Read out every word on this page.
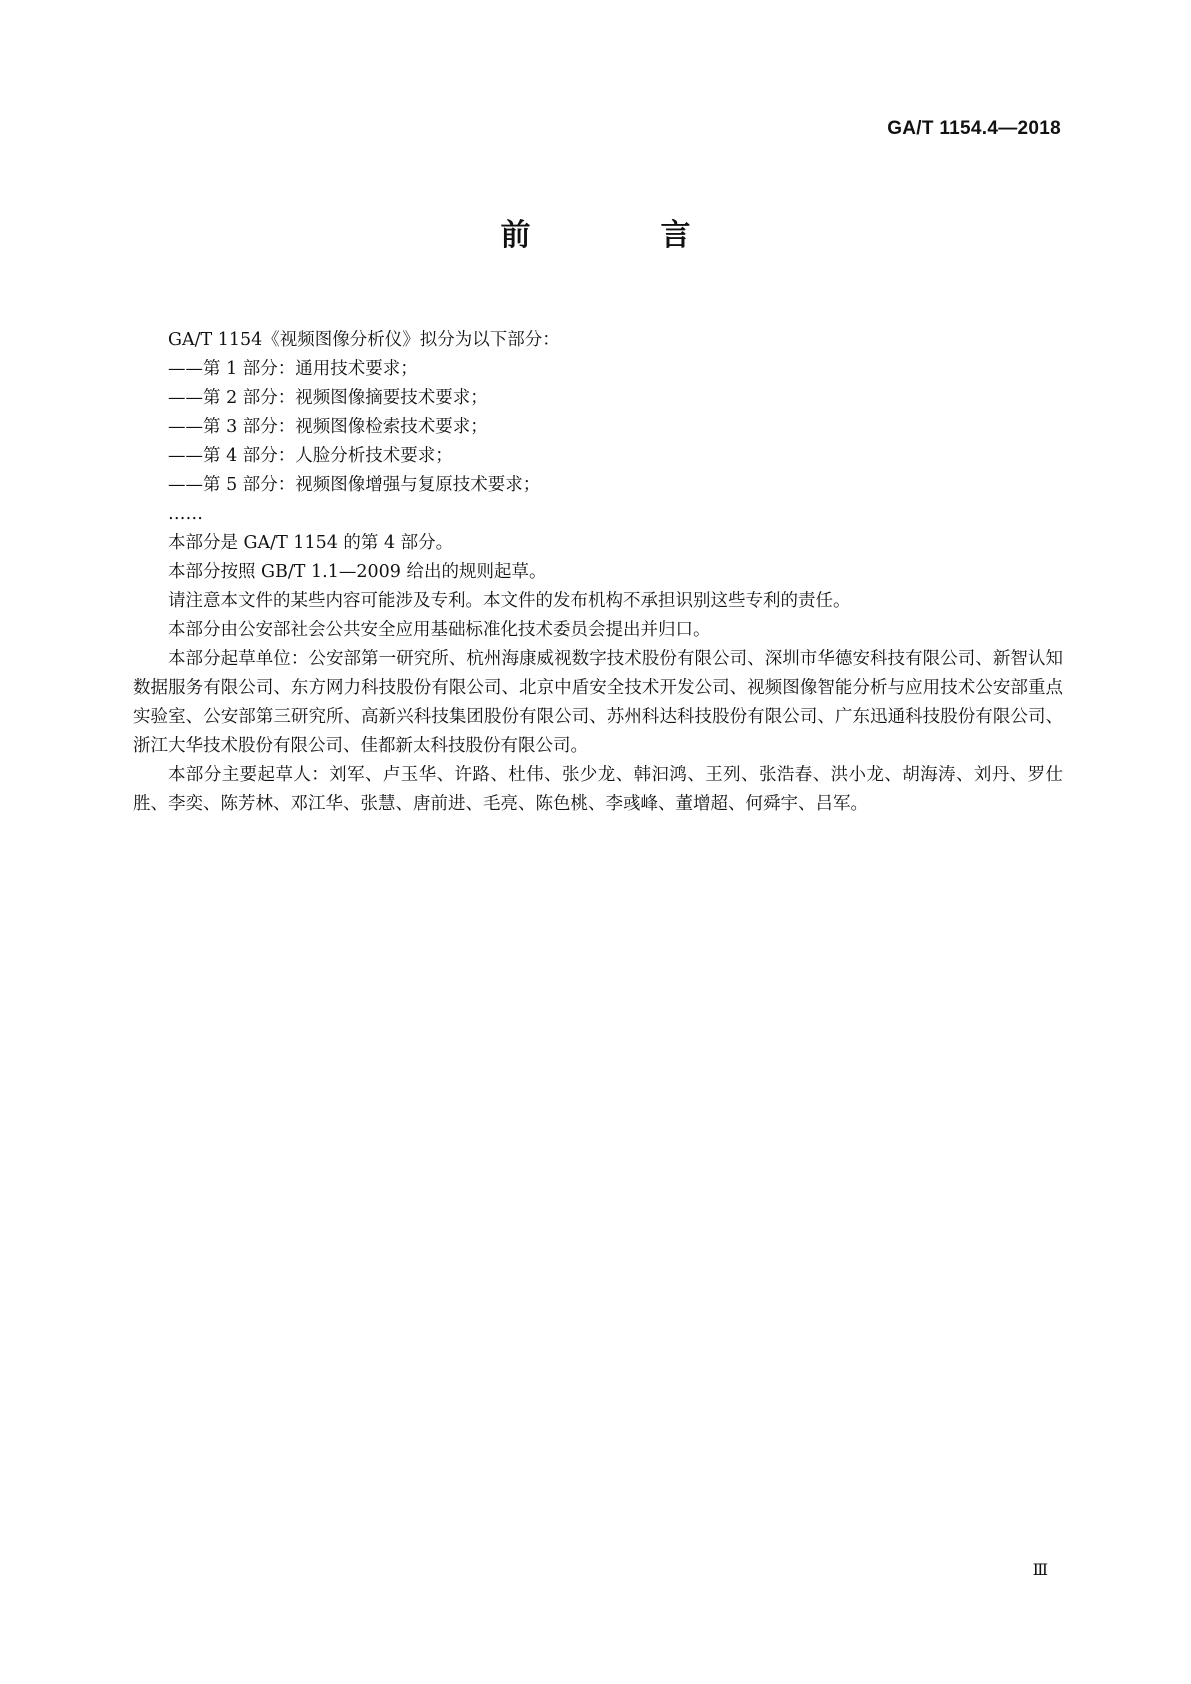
GA/T 1154.4—2018
前　言

GA/T 1154《视频图像分析仪》拟分为以下部分：

——第 1 部分：通用技术要求；

——第 2 部分：视频图像摘要技术要求；

——第 3 部分：视频图像检索技术要求；

——第 4 部分：人脸分析技术要求；

——第 5 部分：视频图像增强与复原技术要求；

……

本部分是 GA/T 1154 的第 4 部分。

本部分按照 GB/T 1.1—2009 给出的规则起草。

请注意本文件的某些内容可能涉及专利。本文件的发布机构不承担识别这些专利的责任。

本部分由公安部社会公共安全应用基础标准化技术委员会提出并归口。

本部分起草单位：公安部第一研究所、杭州海康威视数字技术股份有限公司、深圳市华德安科技有限公司、新智认知数据服务有限公司、东方网力科技股份有限公司、北京中盾安全技术开发公司、视频图像智能分析与应用技术公安部重点实验室、公安部第三研究所、高新兴科技集团股份有限公司、苏州科达科技股份有限公司、广东迅通科技股份有限公司、浙江大华技术股份有限公司、佳都新太科技股份有限公司。

本部分主要起草人：刘军、卢玉华、许路、杜伟、张少龙、韩汩鸿、王列、张浩春、洪小龙、胡海涛、刘丹、罗仕胜、李奕、陈芳林、邓江华、张慧、唐前进、毛亮、陈色桃、李彧峰、董增超、何舜宇、吕军。

Ⅲ
